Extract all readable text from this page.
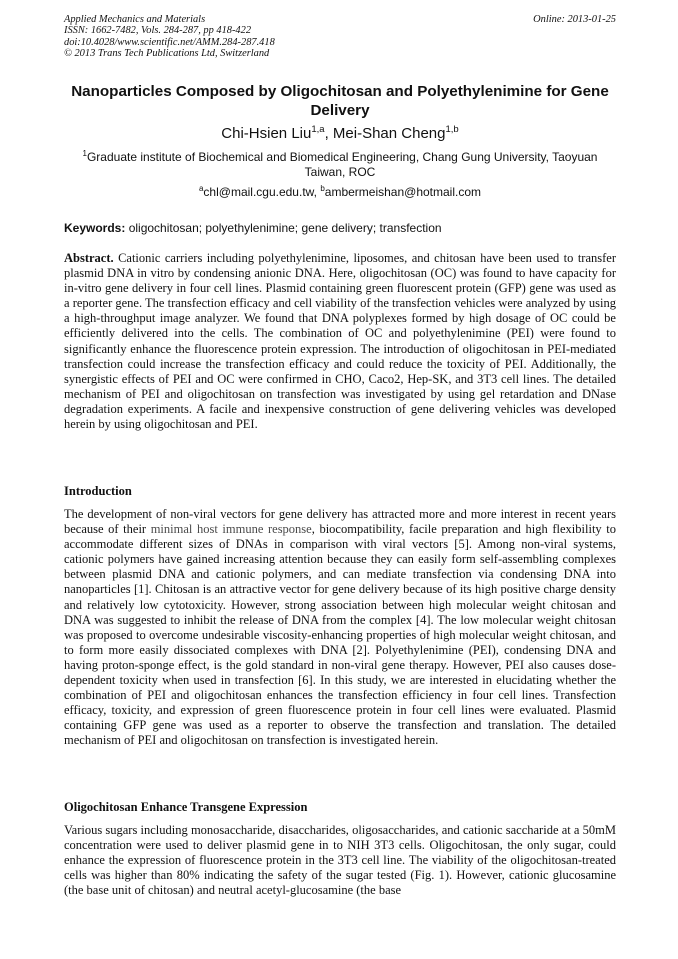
Applied Mechanics and Materials
ISSN: 1662-7482, Vols. 284-287, pp 418-422
doi:10.4028/www.scientific.net/AMM.284-287.418
© 2013 Trans Tech Publications Ltd, Switzerland
Online: 2013-01-25
Nanoparticles Composed by Oligochitosan and Polyethylenimine for Gene Delivery
Chi-Hsien Liu$^{1,a}$, Mei-Shan Cheng$^{1,b}$
$^1$Graduate institute of Biochemical and Biomedical Engineering, Chang Gung University, Taoyuan Taiwan, ROC
$^a$chl@mail.cgu.edu.tw, $^b$ambermeishan@hotmail.com
Keywords: oligochitosan; polyethylenimine; gene delivery; transfection

Abstract. Cationic carriers including polyethylenimine, liposomes, and chitosan have been used to transfer plasmid DNA in vitro by condensing anionic DNA. Here, oligochitosan (OC) was found to have capacity for in-vitro gene delivery in four cell lines. Plasmid containing green fluorescent protein (GFP) gene was used as a reporter gene. The transfection efficacy and cell viability of the transfection vehicles were analyzed by using a high-throughput image analyzer. We found that DNA polyplexes formed by high dosage of OC could be efficiently delivered into the cells. The combination of OC and polyethylenimine (PEI) were found to significantly enhance the fluorescence protein expression. The introduction of oligochitosan in PEI-mediated transfection could increase the transfection efficacy and could reduce the toxicity of PEI. Additionally, the synergistic effects of PEI and OC were confirmed in CHO, Caco2, Hep-SK, and 3T3 cell lines. The detailed mechanism of PEI and oligochitosan on transfection was investigated by using gel retardation and DNase degradation experiments. A facile and inexpensive construction of gene delivering vehicles was developed herein by using oligochitosan and PEI.

Introduction

The development of non-viral vectors for gene delivery has attracted more and more interest in recent years because of their minimal host immune response, biocompatibility, facile preparation and high flexibility to accommodate different sizes of DNAs in comparison with viral vectors [5]. Among non-viral systems, cationic polymers have gained increasing attention because they can easily form self-assembling complexes between plasmid DNA and cationic polymers, and can mediate transfection via condensing DNA into nanoparticles [1]. Chitosan is an attractive vector for gene delivery because of its high positive charge density and relatively low cytotoxicity. However, strong association between high molecular weight chitosan and DNA was suggested to inhibit the release of DNA from the complex [4]. The low molecular weight chitosan was proposed to overcome undesirable viscosity-enhancing properties of high molecular weight chitosan, and to form more easily dissociated complexes with DNA [2]. Polyethylenimine (PEI), condensing DNA and having proton-sponge effect, is the gold standard in non-viral gene therapy. However, PEI also causes dose-dependent toxicity when used in transfection [6]. In this study, we are interested in elucidating whether the combination of PEI and oligochitosan enhances the transfection efficiency in four cell lines. Transfection efficacy, toxicity, and expression of green fluorescence protein in four cell lines were evaluated. Plasmid containing GFP gene was used as a reporter to observe the transfection and translation. The detailed mechanism of PEI and oligochitosan on transfection is investigated herein.

Oligochitosan Enhance Transgene Expression

Various sugars including monosaccharide, disaccharides, oligosaccharides, and cationic saccharide at a 50mM concentration were used to deliver plasmid gene in to NIH 3T3 cells. Oligochitosan, the only sugar, could enhance the expression of fluorescence protein in the 3T3 cell line. The viability of the oligochitosan-treated cells was higher than 80% indicating the safety of the sugar tested (Fig. 1). However, cationic glucosamine (the base unit of chitosan) and neutral acetyl-glucosamine (the base
